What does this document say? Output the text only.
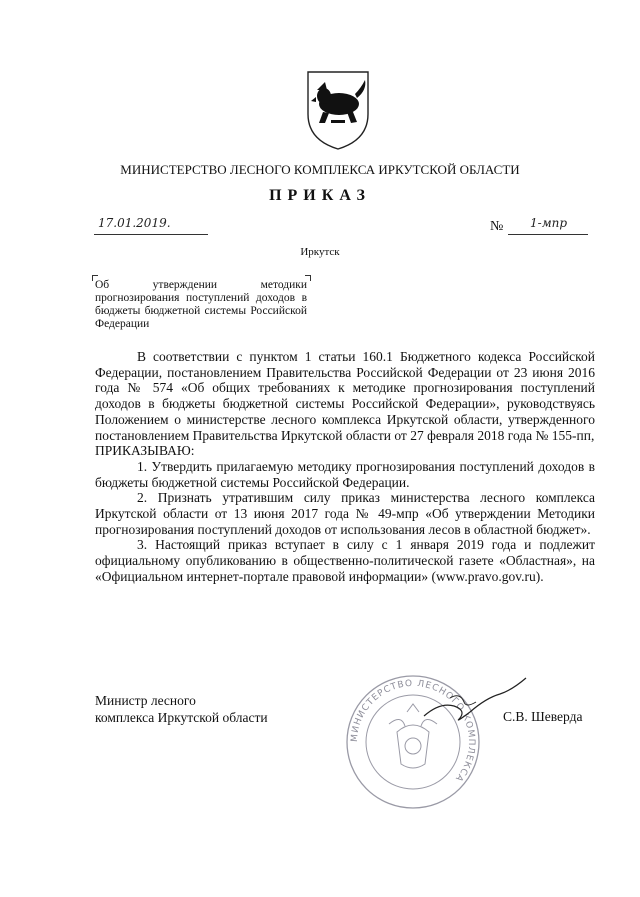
МИНИСТЕРСТВО ЛЕСНОГО КОМПЛЕКСА ИРКУТСКОЙ ОБЛАСТИ
ПРИКАЗ
17.01.2019.	№ 1-мпр
Иркутск
Об утверждении методики прогнозирования поступлений доходов в бюджеты бюджетной системы Российской Федерации

В соответствии с пунктом 1 статьи 160.1 Бюджетного кодекса Российской Федерации, постановлением Правительства Российской Федерации от 23 июня 2016 года № 574 «Об общих требованиях к методике прогнозирования поступлений доходов в бюджеты бюджетной системы Российской Федерации», руководствуясь Положением о министерстве лесного комплекса Иркутской области, утвержденного постановлением Правительства Иркутской области от 27 февраля 2018 года № 155-пп,

ПРИКАЗЫВАЮ:

1. Утвердить прилагаемую методику прогнозирования поступлений доходов в бюджеты бюджетной системы Российской Федерации.

2. Признать утратившим силу приказ министерства лесного комплекса Иркутской области от 13 июня 2017 года № 49-мпр «Об утверждении Методики прогнозирования поступлений доходов от использования лесов в областной бюджет».

3. Настоящий приказ вступает в силу с 1 января 2019 года и подлежит официальному опубликованию в общественно-политической газете «Областная», на «Официальном интернет-портале правовой информации» (www.pravo.gov.ru).

МИНИСТЕРСТВО ЛЕСНОГО КОМПЛЕКСА
Министр лесного
комплекса Иркутской области	С.В. Шеверда
